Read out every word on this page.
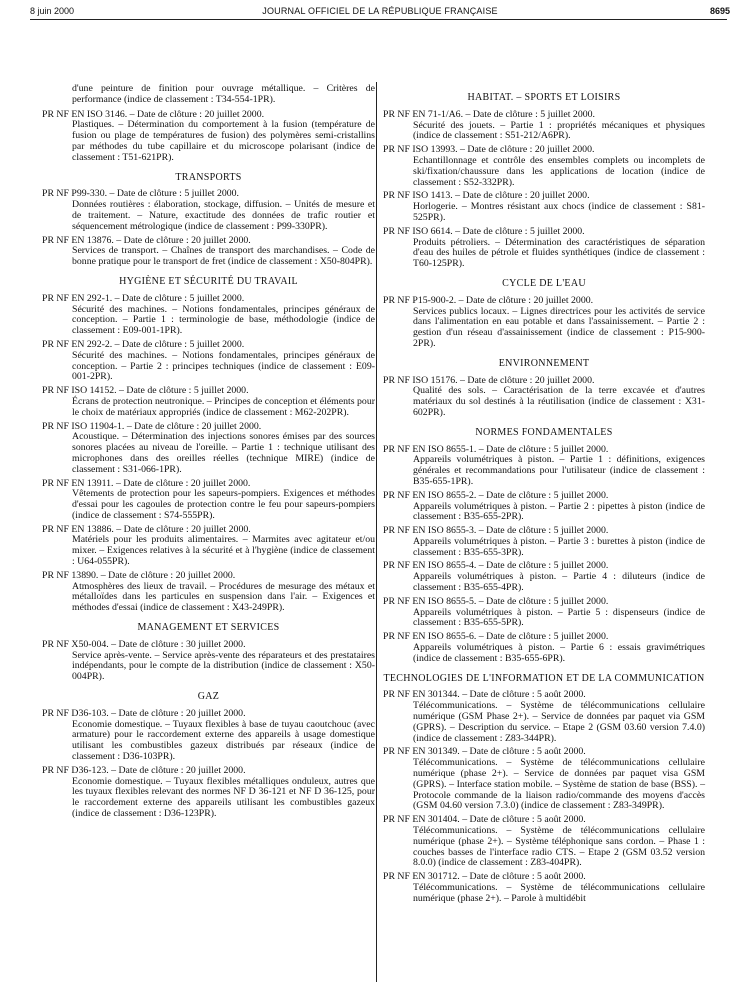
8 juin 2000	JOURNAL OFFICIEL DE LA RÉPUBLIQUE FRANÇAISE	8695
d'une peinture de finition pour ouvrage métallique. – Critères de performance (indice de classement : T34-554-1PR).
PR NF EN ISO 3146. – Date de clôture : 20 juillet 2000.
Plastiques. – Détermination du comportement à la fusion (température de fusion ou plage de températures de fusion) des polymères semi-cristallins par méthodes du tube capillaire et du microscope polarisant (indice de classement : T51-621PR).
TRANSPORTS
PR NF P99-330. – Date de clôture : 5 juillet 2000.
Données routières : élaboration, stockage, diffusion. – Unités de mesure et de traitement. – Nature, exactitude des données de trafic routier et séquencement métrologique (indice de classement : P99-330PR).
PR NF EN 13876. – Date de clôture : 20 juillet 2000.
Services de transport. – Chaînes de transport des marchandises. – Code de bonne pratique pour le transport de fret (indice de classement : X50-804PR).
HYGIÈNE ET SÉCURITÉ DU TRAVAIL
PR NF EN 292-1. – Date de clôture : 5 juillet 2000.
Sécurité des machines. – Notions fondamentales, principes généraux de conception. – Partie 1 : terminologie de base, méthodologie (indice de classement : E09-001-1PR).
PR NF EN 292-2. – Date de clôture : 5 juillet 2000.
Sécurité des machines. – Notions fondamentales, principes généraux de conception. – Partie 2 : principes techniques (indice de classement : E09-001-2PR).
PR NF ISO 14152. – Date de clôture : 5 juillet 2000.
Écrans de protection neutronique. – Principes de conception et éléments pour le choix de matériaux appropriés (indice de classement : M62-202PR).
PR NF ISO 11904-1. – Date de clôture : 20 juillet 2000.
Acoustique. – Détermination des injections sonores émises par des sources sonores placées au niveau de l'oreille. – Partie 1 : technique utilisant des microphones dans des oreilles réelles (technique MIRE) (indice de classement : S31-066-1PR).
PR NF EN 13911. – Date de clôture : 20 juillet 2000.
Vêtements de protection pour les sapeurs-pompiers. Exigences et méthodes d'essai pour les cagoules de protection contre le feu pour sapeurs-pompiers (indice de classement : S74-555PR).
PR NF EN 13886. – Date de clôture : 20 juillet 2000.
Matériels pour les produits alimentaires. – Marmites avec agitateur et/ou mixer. – Exigences relatives à la sécurité et à l'hygiène (indice de classement : U64-055PR).
PR NF 13890. – Date de clôture : 20 juillet 2000.
Atmosphères des lieux de travail. – Procédures de mesurage des métaux et métalloïdes dans les particules en suspension dans l'air. – Exigences et méthodes d'essai (indice de classement : X43-249PR).
MANAGEMENT ET SERVICES
PR NF X50-004. – Date de clôture : 30 juillet 2000.
Service après-vente. – Service après-vente des réparateurs et des prestataires indépendants, pour le compte de la distribution (indice de classement : X50-004PR).
GAZ
PR NF D36-103. – Date de clôture : 20 juillet 2000.
Economie domestique. – Tuyaux flexibles à base de tuyau caoutchouc (avec armature) pour le raccordement externe des appareils à usage domestique utilisant les combustibles gazeux distribués par réseaux (indice de classement : D36-103PR).
PR NF D36-123. – Date de clôture : 20 juillet 2000.
Economie domestique. – Tuyaux flexibles métalliques onduleux, autres que les tuyaux flexibles relevant des normes NF D 36-121 et NF D 36-125, pour le raccordement externe des appareils utilisant les combustibles gazeux (indice de classement : D36-123PR).
HABITAT. – SPORTS ET LOISIRS
PR NF EN 71-1/A6. – Date de clôture : 5 juillet 2000.
Sécurité des jouets. – Partie 1 : propriétés mécaniques et physiques (indice de classement : S51-212/A6PR).
PR NF ISO 13993. – Date de clôture : 20 juillet 2000.
Echantillonnage et contrôle des ensembles complets ou incomplets de ski/fixation/chaussure dans les applications de location (indice de classement : S52-332PR).
PR NF ISO 1413. – Date de clôture : 20 juillet 2000.
Horlogerie. – Montres résistant aux chocs (indice de classement : S81-525PR).
PR NF ISO 6614. – Date de clôture : 5 juillet 2000.
Produits pétroliers. – Détermination des caractéristiques de séparation d'eau des huiles de pétrole et fluides synthétiques (indice de classement : T60-125PR).
CYCLE DE L'EAU
PR NF P15-900-2. – Date de clôture : 20 juillet 2000.
Services publics locaux. – Lignes directrices pour les activités de service dans l'alimentation en eau potable et dans l'assainissement. – Partie 2 : gestion d'un réseau d'assainissement (indice de classement : P15-900-2PR).
ENVIRONNEMENT
PR NF ISO 15176. – Date de clôture : 20 juillet 2000.
Qualité des sols. – Caractérisation de la terre excavée et d'autres matériaux du sol destinés à la réutilisation (indice de classement : X31-602PR).
NORMES FONDAMENTALES
PR NF EN ISO 8655-1. – Date de clôture : 5 juillet 2000.
Appareils volumétriques à piston. – Partie 1 : définitions, exigences générales et recommandations pour l'utilisateur (indice de classement : B35-655-1PR).
PR NF EN ISO 8655-2. – Date de clôture : 5 juillet 2000.
Appareils volumétriques à piston. – Partie 2 : pipettes à piston (indice de classement : B35-655-2PR).
PR NF EN ISO 8655-3. – Date de clôture : 5 juillet 2000.
Appareils volumétriques à piston. – Partie 3 : burettes à piston (indice de classement : B35-655-3PR).
PR NF EN ISO 8655-4. – Date de clôture : 5 juillet 2000.
Appareils volumétriques à piston. – Partie 4 : diluteurs (indice de classement : B35-655-4PR).
PR NF EN ISO 8655-5. – Date de clôture : 5 juillet 2000.
Appareils volumétriques à piston. – Partie 5 : dispenseurs (indice de classement : B35-655-5PR).
PR NF EN ISO 8655-6. – Date de clôture : 5 juillet 2000.
Appareils volumétriques à piston. – Partie 6 : essais gravimétriques (indice de classement : B35-655-6PR).
TECHNOLOGIES DE L'INFORMATION ET DE LA COMMUNICATION
PR NF EN 301344. – Date de clôture : 5 août 2000.
Télécommunications. – Système de télécommunications cellulaire numérique (GSM Phase 2+). – Service de données par paquet via GSM (GPRS). – Description du service. – Etape 2 (GSM 03.60 version 7.4.0) (indice de classement : Z83-344PR).
PR NF EN 301349. – Date de clôture : 5 août 2000.
Télécommunications. – Système de télécommunications cellulaire numérique (phase 2+). – Service de données par paquet visa GSM (GPRS). – Interface station mobile. – Système de station de base (BSS). – Protocole commande de la liaison radio/commande des moyens d'accès (GSM 04.60 version 7.3.0) (indice de classement : Z83-349PR).
PR NF EN 301404. – Date de clôture : 5 août 2000.
Télécommunications. – Système de télécommunications cellulaire numérique (phase 2+). – Système téléphonique sans cordon. – Phase 1 : couches basses de l'interface radio CTS. – Etape 2 (GSM 03.52 version 8.0.0) (indice de classement : Z83-404PR).
PR NF EN 301712. – Date de clôture : 5 août 2000.
Télécommunications. – Système de télécommunications cellulaire numérique (phase 2+). – Parole à multidébit
